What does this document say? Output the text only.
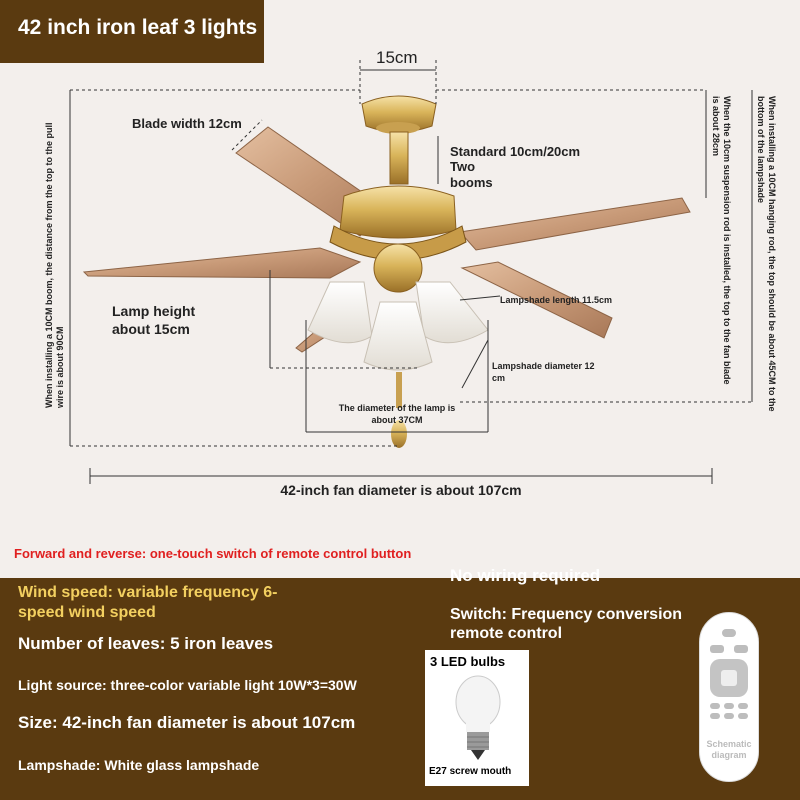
42 inch iron leaf 3 lights
15cm
Blade width 12cm
Standard 10cm/20cm
Two
booms
Lamp height
about 15cm
Lampshade length 11.5cm
Lampshade diameter 12
cm
The diameter of the lamp is
about 37CM
42-inch fan diameter is about 107cm
When installing a 10CM boom, the distance from the top to the pull wire is about 90CM	When installing a 10CM hanging rod, the top should be about 45CM to the bottom of the lampshade
When the 10cm suspension rod is installed, the top to the fan blade is about 28cm
Forward and reverse: one-touch switch of remote control button
Wind speed: variable frequency 6-
speed wind speed
Number of leaves: 5 iron leaves
Light source: three-color variable light 10W*3=30W
Size: 42-inch fan diameter is about 107cm
Lampshade: White glass lampshade
No wiring required
Switch: Frequency conversion
remote control
3 LED bulbs
E27 screw mouth
Schematic
diagram
